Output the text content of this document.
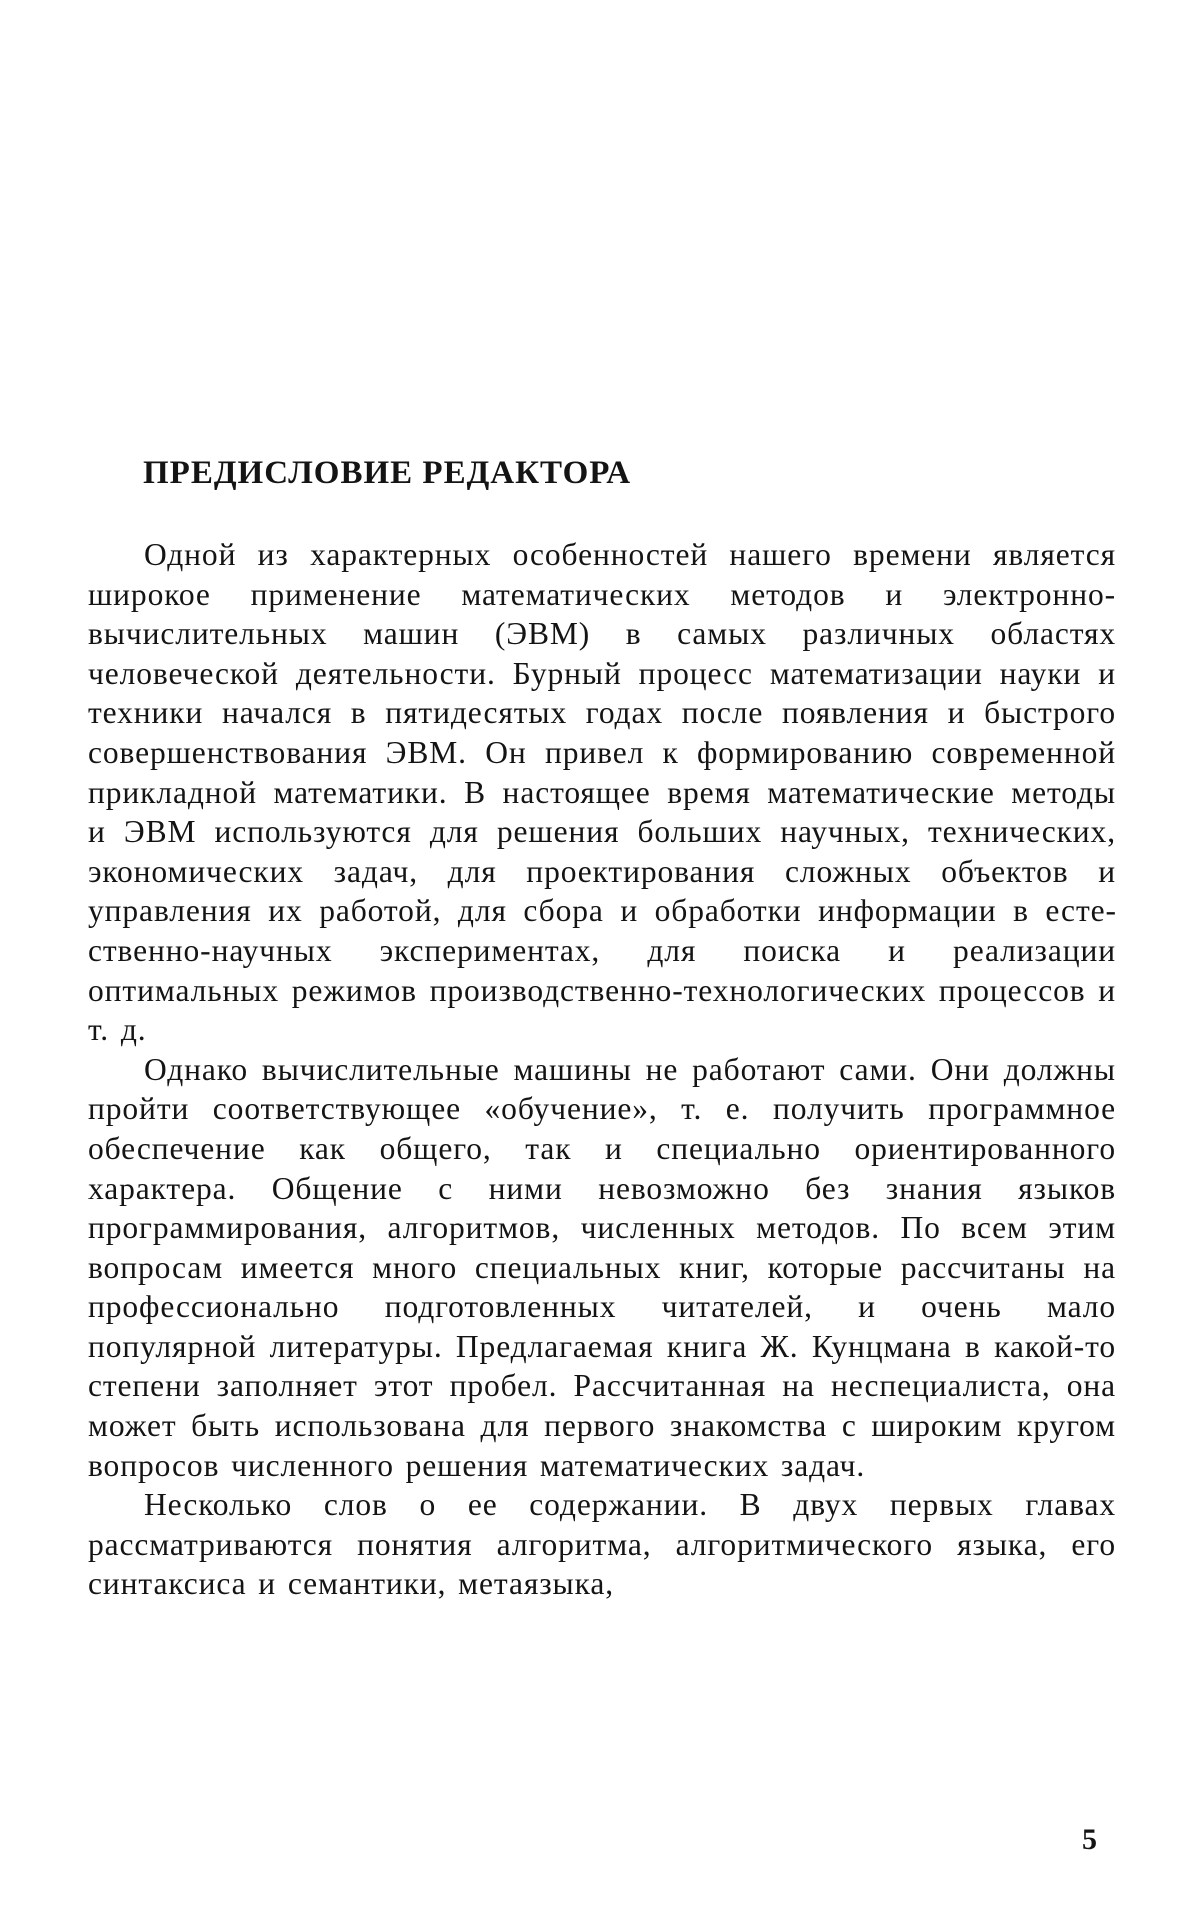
ПРЕДИСЛОВИЕ РЕДАКТОРА

Одной из характерных особенностей нашего времени является широкое применение математических методов и электронно-вычислительных машин (ЭВМ) в самых различных областях человеческой деятельности. Бурный процесс математизации науки и техники начался в пятидесятых годах после появления и быстрого совершенствования ЭВМ. Он привел к формированию современной прикладной математики. В настоящее время математические методы и ЭВМ используются для решения больших научных, технических, экономических задач, для проектирования сложных объектов и управления их работой, для сбора и обработки информации в естественно-научных экспериментах, для поиска и реализации оптимальных режимов производственно-технологических процессов и т. д.

Однако вычислительные машины не работают сами. Они должны пройти соответствующее «обучение», т. е. получить программное обеспечение как общего, так и специально ориентированного характера. Общение с ними невозможно без знания языков программирования, алгоритмов, численных методов. По всем этим вопросам имеется много специальных книг, которые рассчитаны на профессионально подготовленных читателей, и очень мало популярной литературы. Предлагаемая книга Ж. Кунцмана в какой-то степени заполняет этот пробел. Рассчитанная на неспециалиста, она может быть использована для первого знакомства с широким кругом вопросов численного решения математических задач.

Несколько слов о ее содержании. В двух первых главах рассматриваются понятия алгоритма, алгоритмического языка, его синтаксиса и семантики, метаязыка,

5
